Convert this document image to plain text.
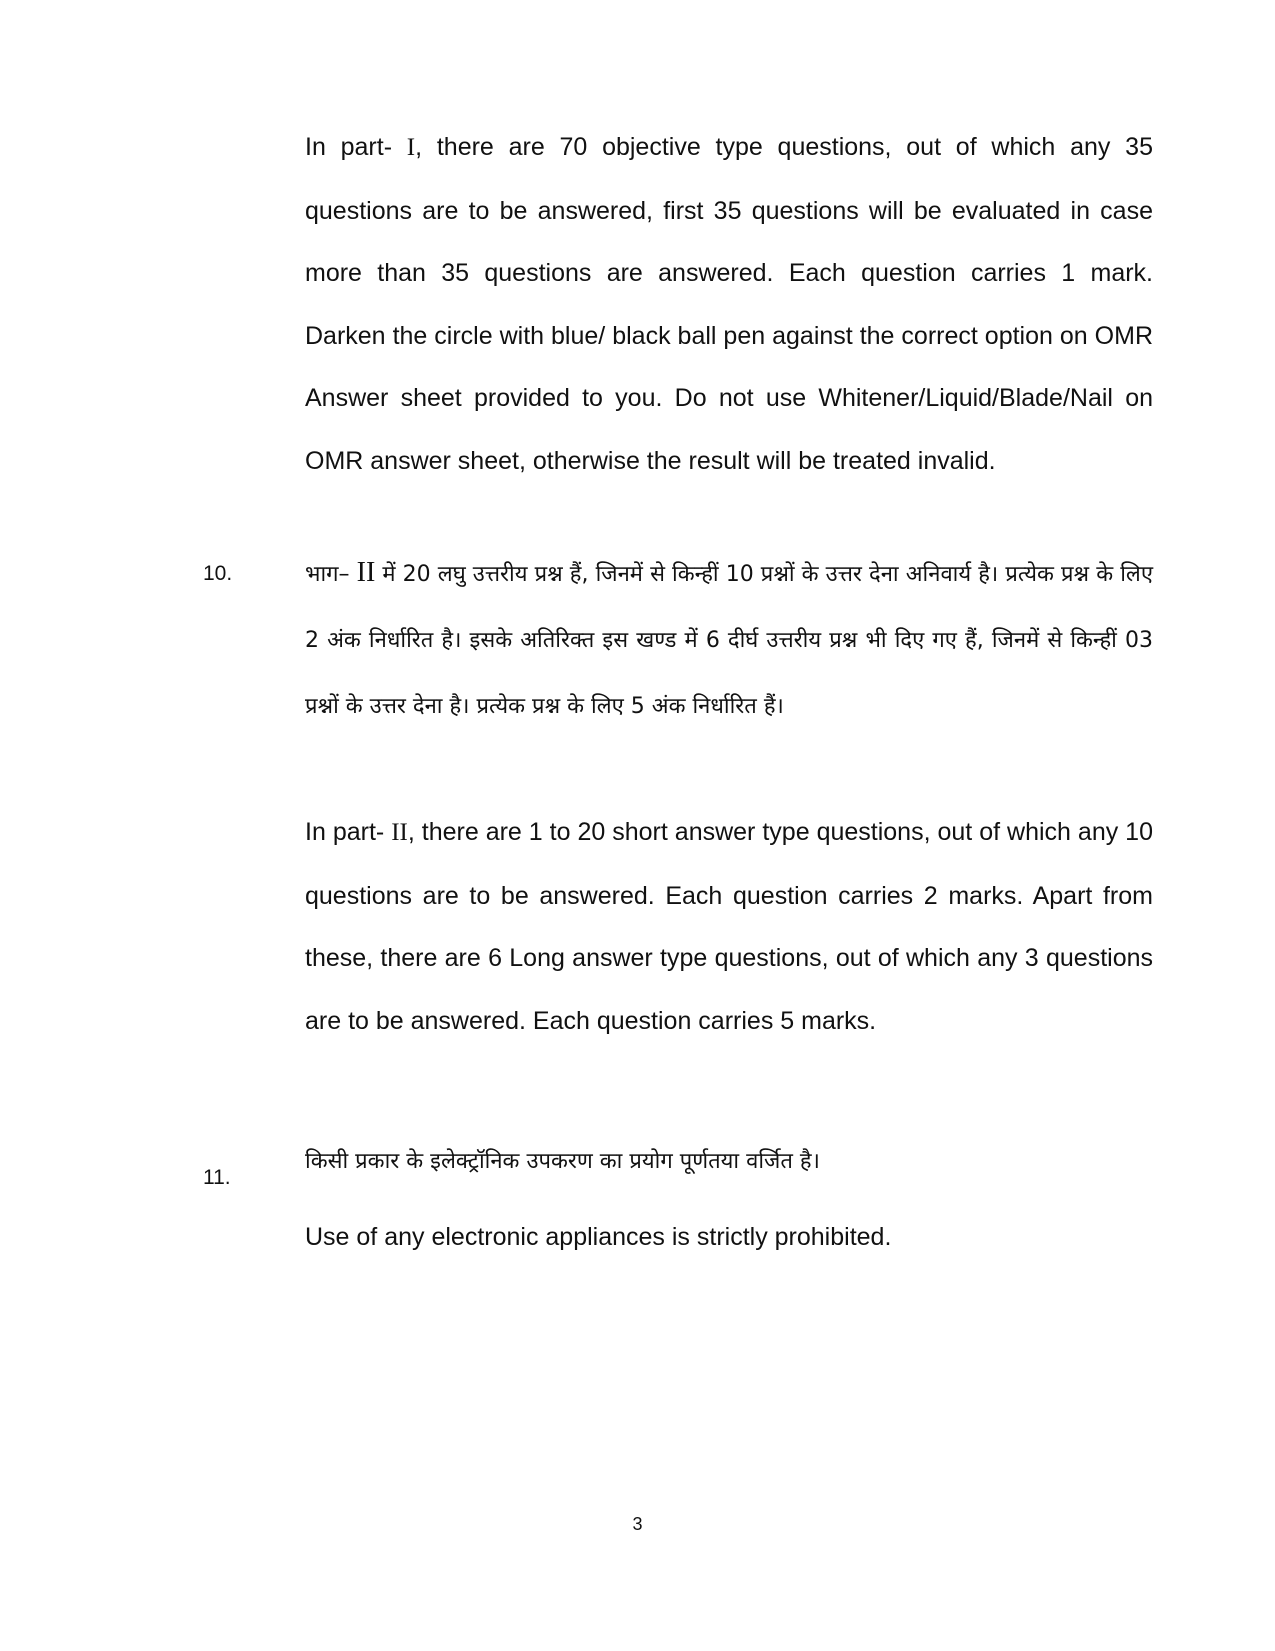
In part- I, there are 70 objective type questions, out of which any 35 questions are to be answered, first 35 questions will be evaluated in case more than 35 questions are answered. Each question carries 1 mark. Darken the circle with blue/ black ball pen against the correct option on OMR Answer sheet provided to you. Do not use Whitener/Liquid/Blade/Nail on OMR answer sheet, otherwise the result will be treated invalid.

10.	भाग– II में 20 लघु उत्तरीय प्रश्न हैं, जिनमें से किन्हीं 10 प्रश्नों के उत्तर देना अनिवार्य है। प्रत्येक प्रश्न के लिए 2 अंक निर्धारित है। इसके अतिरिक्त इस खण्ड में 6 दीर्घ उत्तरीय प्रश्न भी दिए गए हैं, जिनमें से किन्हीं 03 प्रश्नों के उत्तर देना है। प्रत्येक प्रश्न के लिए 5 अंक निर्धारित हैं।

In part- II, there are 1 to 20 short answer type questions, out of which any 10 questions are to be answered. Each question carries 2 marks. Apart from these, there are 6 Long answer type questions, out of which any 3 questions are to be answered. Each question carries 5 marks.

11.

किसी प्रकार के इलेक्ट्रॉनिक उपकरण का प्रयोग पूर्णतया वर्जित है।

Use of any electronic appliances is strictly prohibited.

3
